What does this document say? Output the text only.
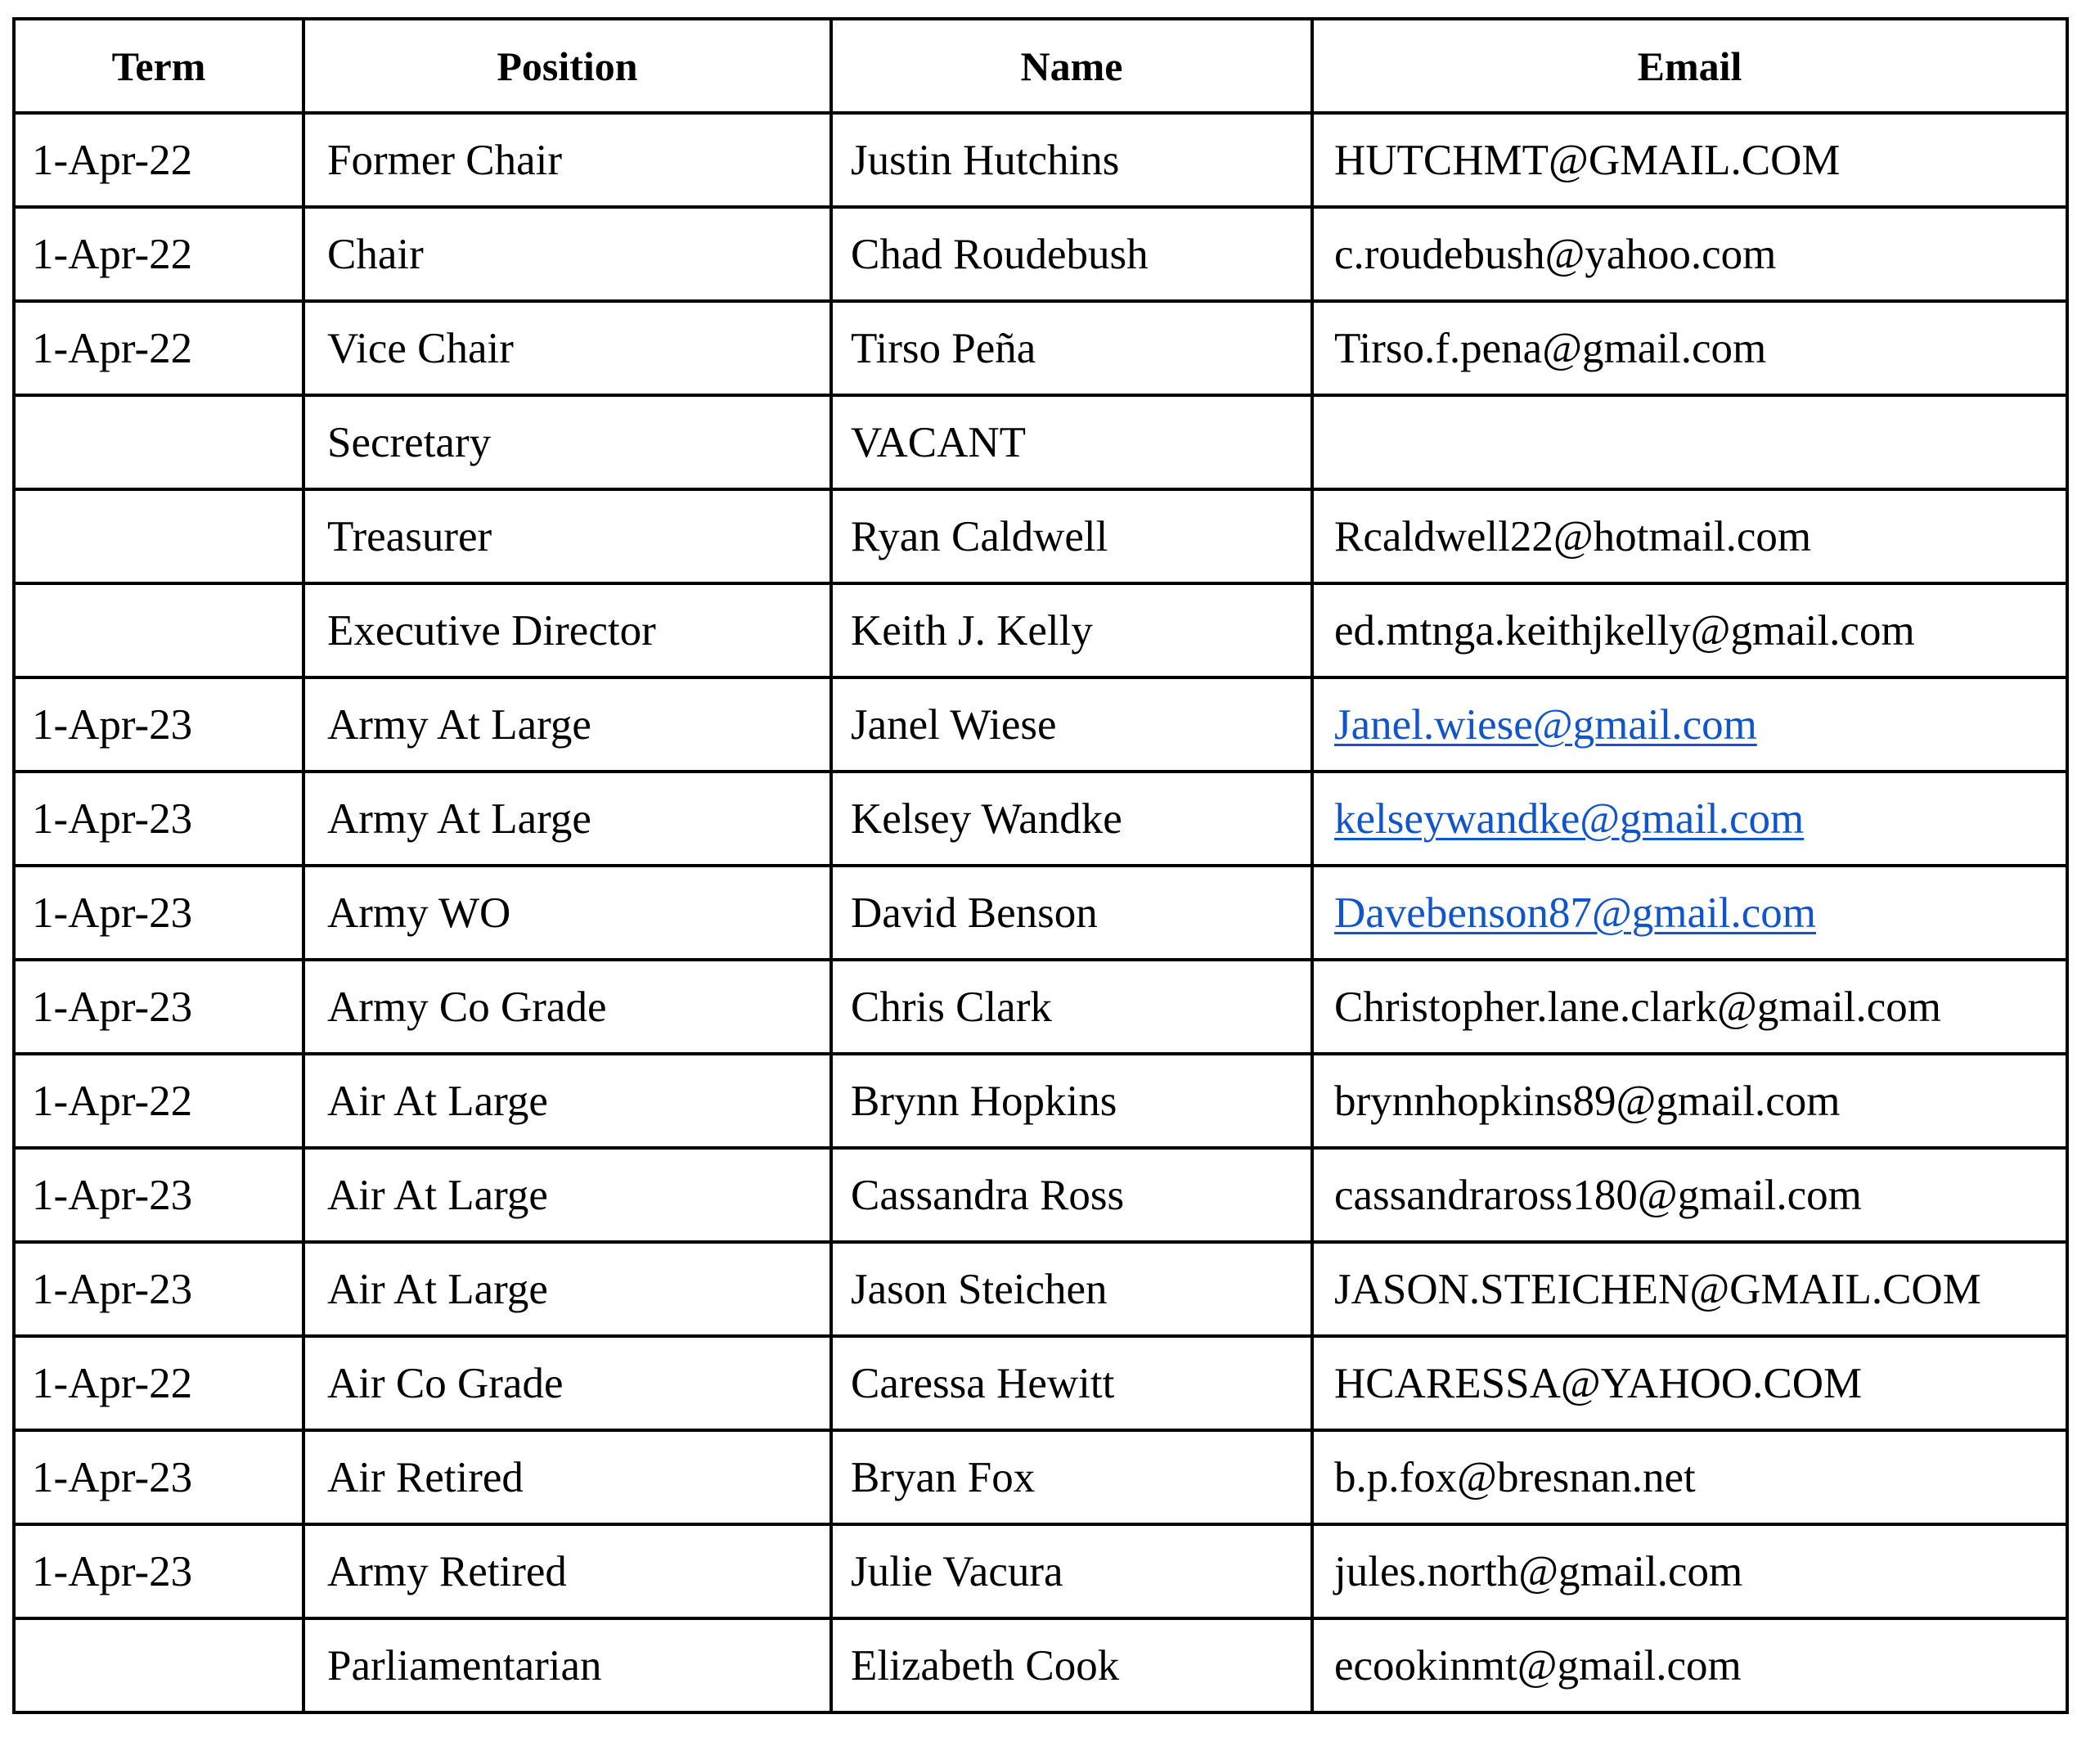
Term	Position	Name	Email
1-Apr-22	Former Chair	Justin Hutchins	HUTCHMT@GMAIL.COM
1-Apr-22	Chair	Chad Roudebush	c.roudebush@yahoo.com
1-Apr-22	Vice Chair	Tirso Peña	Tirso.f.pena@gmail.com
	Secretary	VACANT	
	Treasurer	Ryan Caldwell	Rcaldwell22@hotmail.com
	Executive Director	Keith J. Kelly	ed.mtnga.keithjkelly@gmail.com
1-Apr-23	Army At Large	Janel Wiese	Janel.wiese@gmail.com
1-Apr-23	Army At Large	Kelsey Wandke	kelseywandke@gmail.com
1-Apr-23	Army WO	David Benson	Davebenson87@gmail.com
1-Apr-23	Army Co Grade	Chris Clark	Christopher.lane.clark@gmail.com
1-Apr-22	Air At Large	Brynn Hopkins	brynnhopkins89@gmail.com
1-Apr-23	Air At Large	Cassandra Ross	cassandraross180@gmail.com
1-Apr-23	Air At Large	Jason Steichen	JASON.STEICHEN@GMAIL.COM
1-Apr-22	Air Co Grade	Caressa Hewitt	HCARESSA@YAHOO.COM
1-Apr-23	Air Retired	Bryan Fox	b.p.fox@bresnan.net
1-Apr-23	Army Retired	Julie Vacura	jules.north@gmail.com
	Parliamentarian	Elizabeth Cook	ecookinmt@gmail.com
